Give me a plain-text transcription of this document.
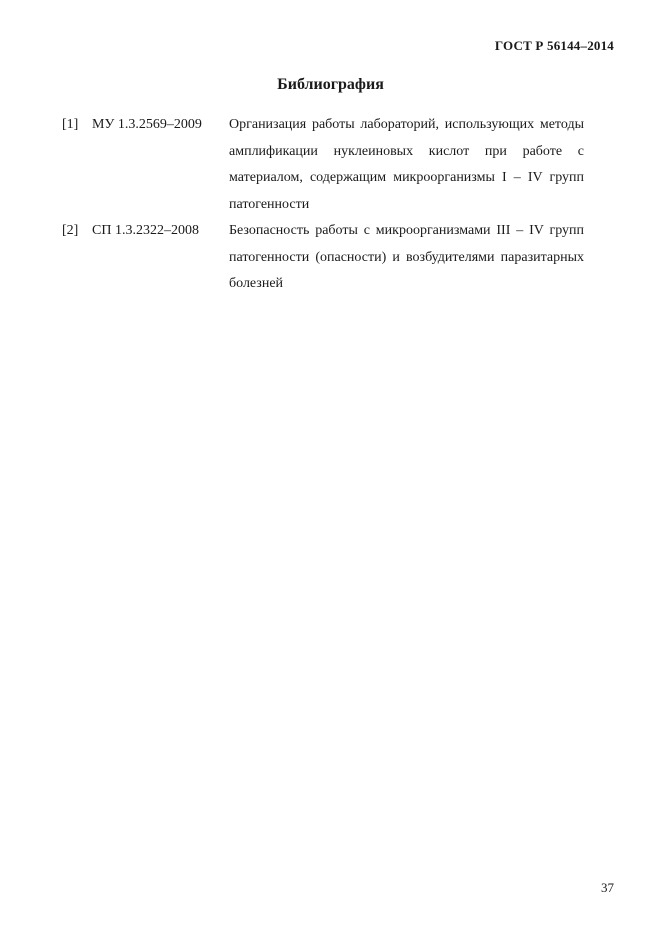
ГОСТ Р 56144–2014
Библиография
[1] МУ 1.3.2569–2009	Организация работы лабораторий, использующих методы амплификации нуклеиновых кислот при работе с материалом, содержащим микроорганизмы I – IV групп патогенности
[2] СП 1.3.2322–2008	Безопасность работы с микроорганизмами III – IV групп патогенности (опасности) и возбудителями паразитарных болезней
37
